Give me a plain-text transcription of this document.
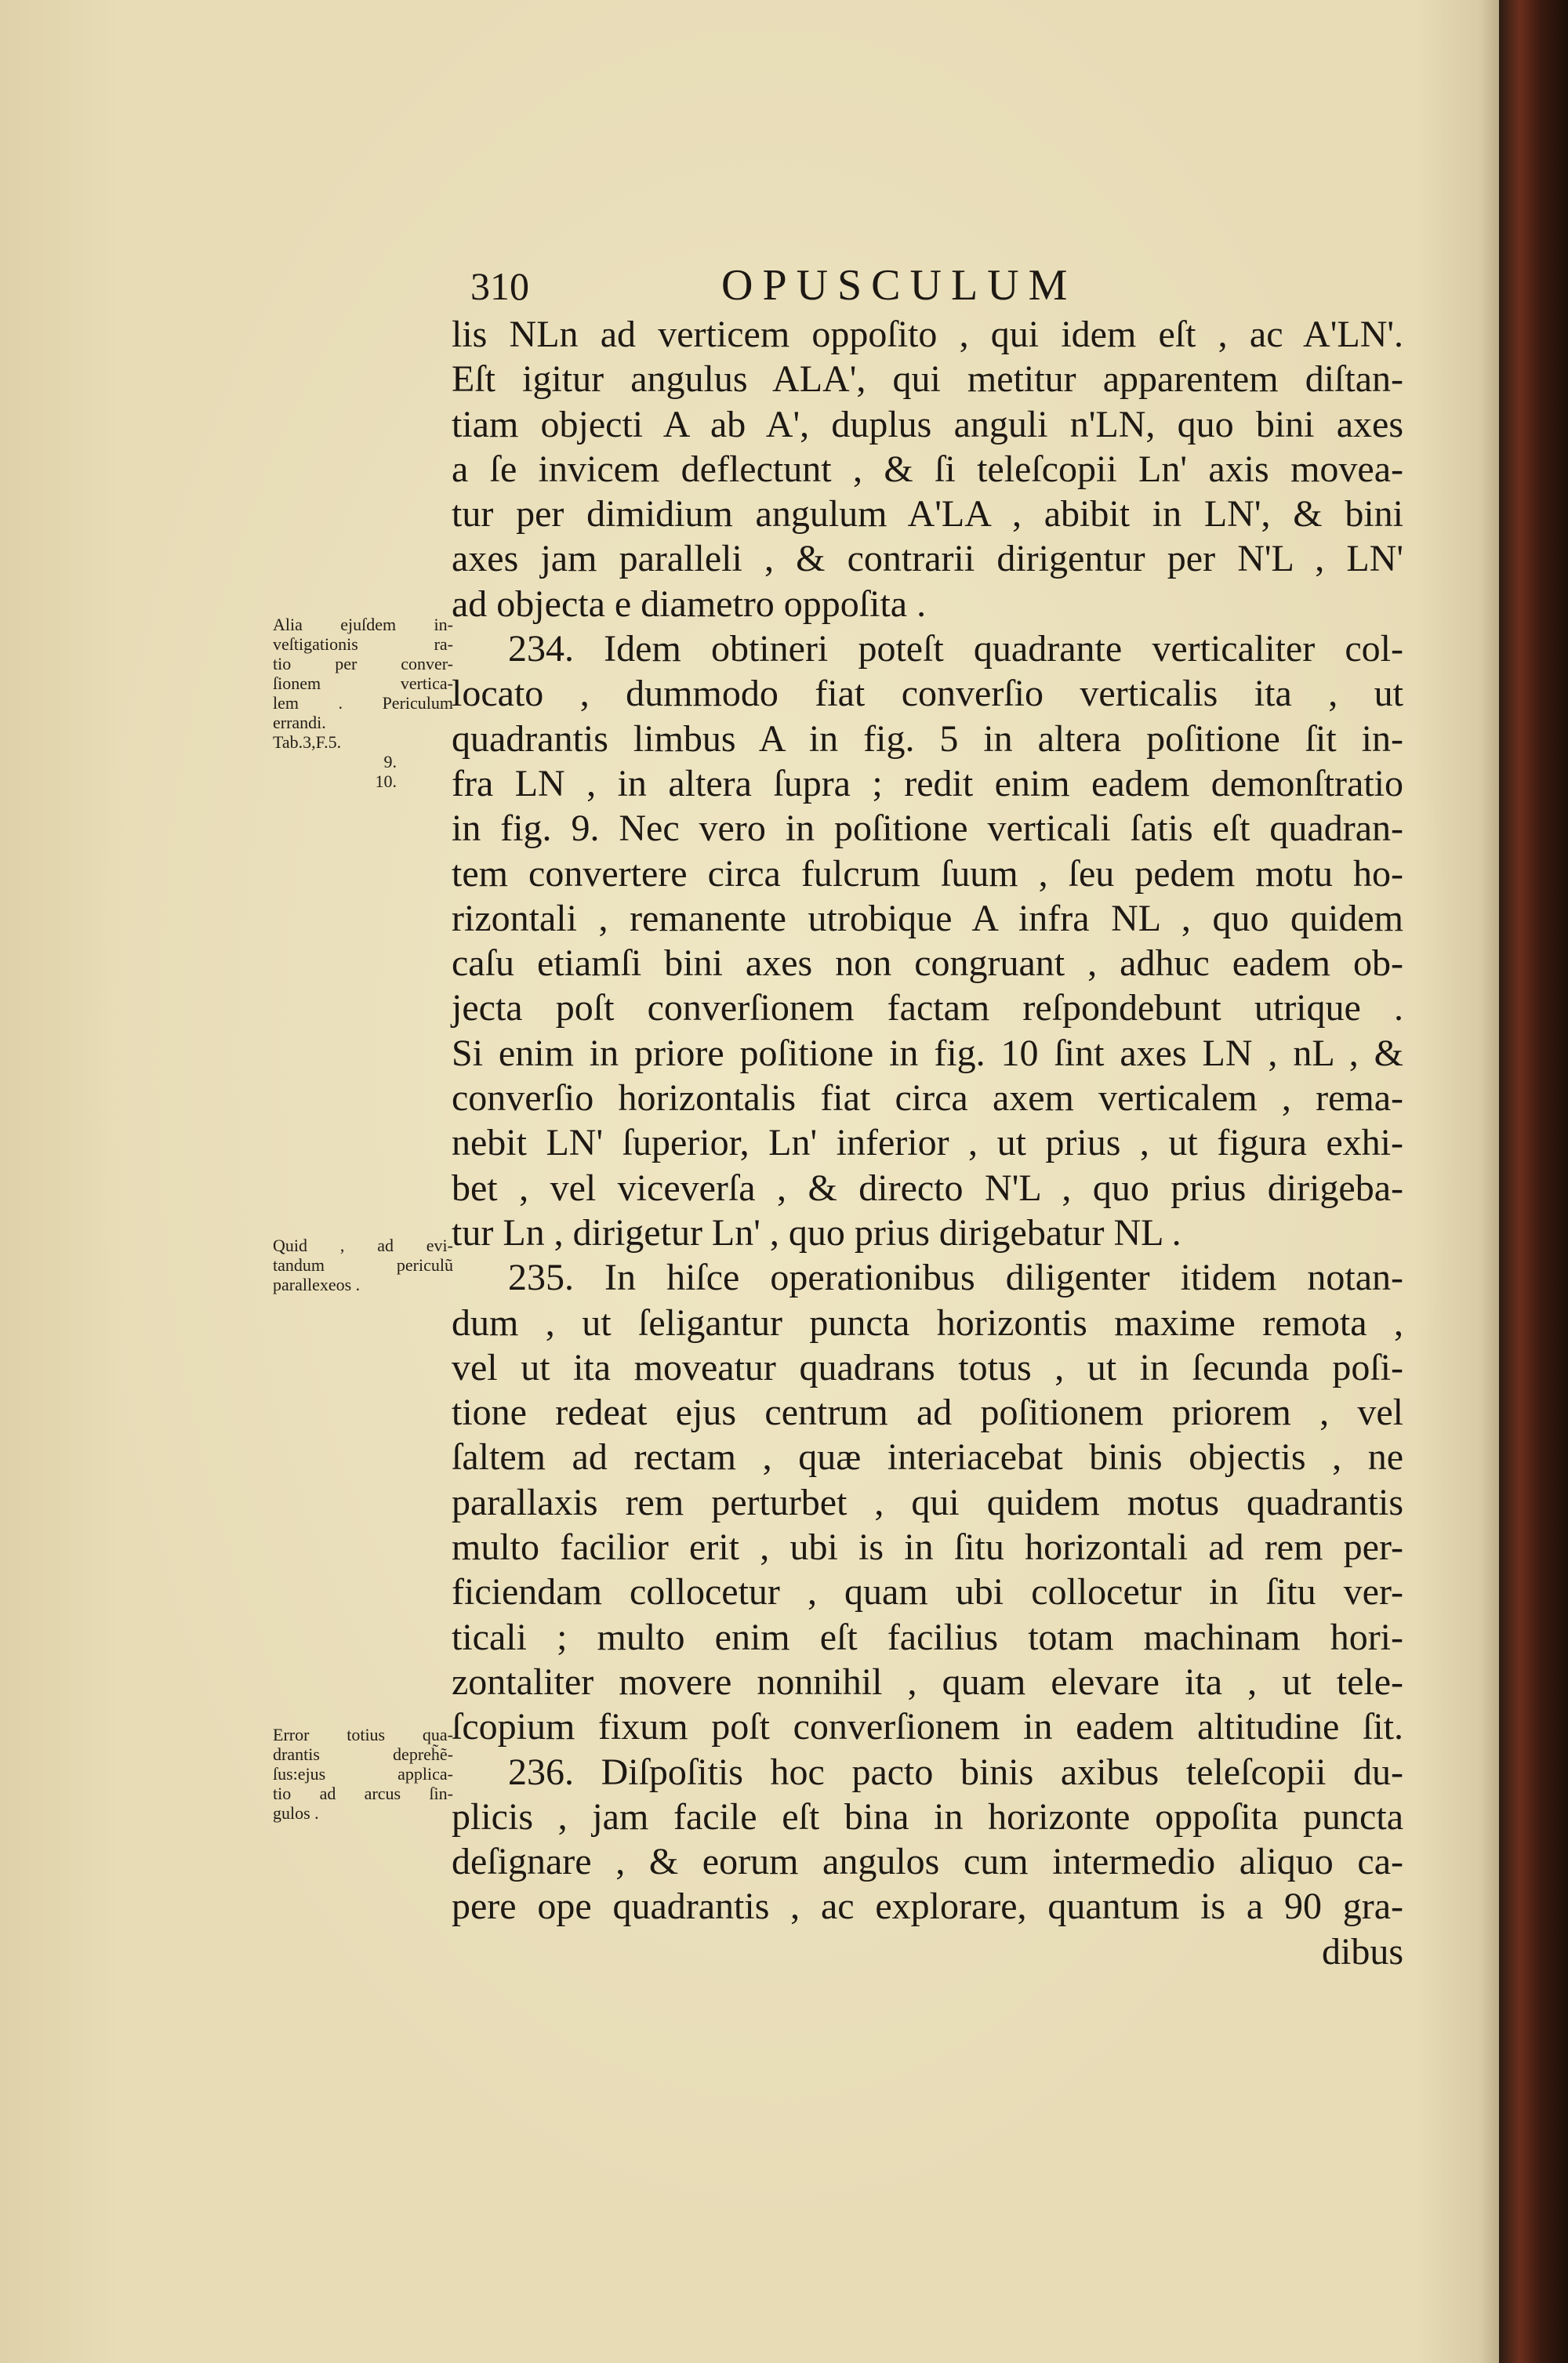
310	OPUSCULUM
lis NLn ad verticem oppoſito , qui idem eſt , ac A'LN'.
Eſt igitur angulus ALA', qui metitur apparentem diſtan-
tiam objecti A ab A', duplus anguli n'LN, quo bini axes
a ſe invicem deflectunt , & ſi teleſcopii Ln' axis movea-
tur per dimidium angulum A'LA , abibit in LN', & bini
axes jam paralleli , & contrarii dirigentur per N'L , LN'
ad objecta e diametro oppoſita .
234. Idem obtineri poteſt quadrante verticaliter col-
locato , dummodo fiat converſio verticalis ita , ut
quadrantis limbus A in fig. 5 in altera poſitione ſit in-
fra LN , in altera ſupra ; redit enim eadem demonſtratio
in fig. 9. Nec vero in poſitione verticali ſatis eſt quadran-
tem convertere circa fulcrum ſuum , ſeu pedem motu ho-
rizontali , remanente utrobique A infra NL , quo quidem
caſu etiamſi bini axes non congruant , adhuc eadem ob-
jecta poſt converſionem factam reſpondebunt utrique .
Si enim in priore poſitione in fig. 10 ſint axes LN , nL , &
converſio horizontalis fiat circa axem verticalem , rema-
nebit LN' ſuperior, Ln' inferior , ut prius , ut figura exhi-
bet , vel viceverſa , & directo N'L , quo prius dirigeba-
tur Ln , dirigetur Ln' , quo prius dirigebatur NL .
235. In hiſce operationibus diligenter itidem notan-
dum , ut ſeligantur puncta horizontis maxime remota ,
vel ut ita moveatur quadrans totus , ut in ſecunda poſi-
tione redeat ejus centrum ad poſitionem priorem , vel
ſaltem ad rectam , quæ interiacebat binis objectis , ne
parallaxis rem perturbet , qui quidem motus quadrantis
multo facilior erit , ubi is in ſitu horizontali ad rem per-
ficiendam collocetur , quam ubi collocetur in ſitu ver-
ticali ; multo enim eſt facilius totam machinam hori-
zontaliter movere nonnihil , quam elevare ita , ut tele-
ſcopium fixum poſt converſionem in eadem altitudine ſit.
236. Diſpoſitis hoc pacto binis axibus teleſcopii du-
plicis , jam facile eſt bina in horizonte oppoſita puncta
deſignare , & eorum angulos cum intermedio aliquo ca-
pere ope quadrantis , ac explorare, quantum is a 90 gra-
dibus
Alia ejuſdem in-
veſtigationis ra-
tio per conver-
ſionem vertica-
lem . Periculum
errandi.
Tab.3,F.5.
9.
10.
Quid , ad evi-
tandum periculũ
parallexeos .
Error totius qua-
drantis depreh̃ẽ-
ſus:ejus applica-
tio ad arcus ſin-
gulos .
